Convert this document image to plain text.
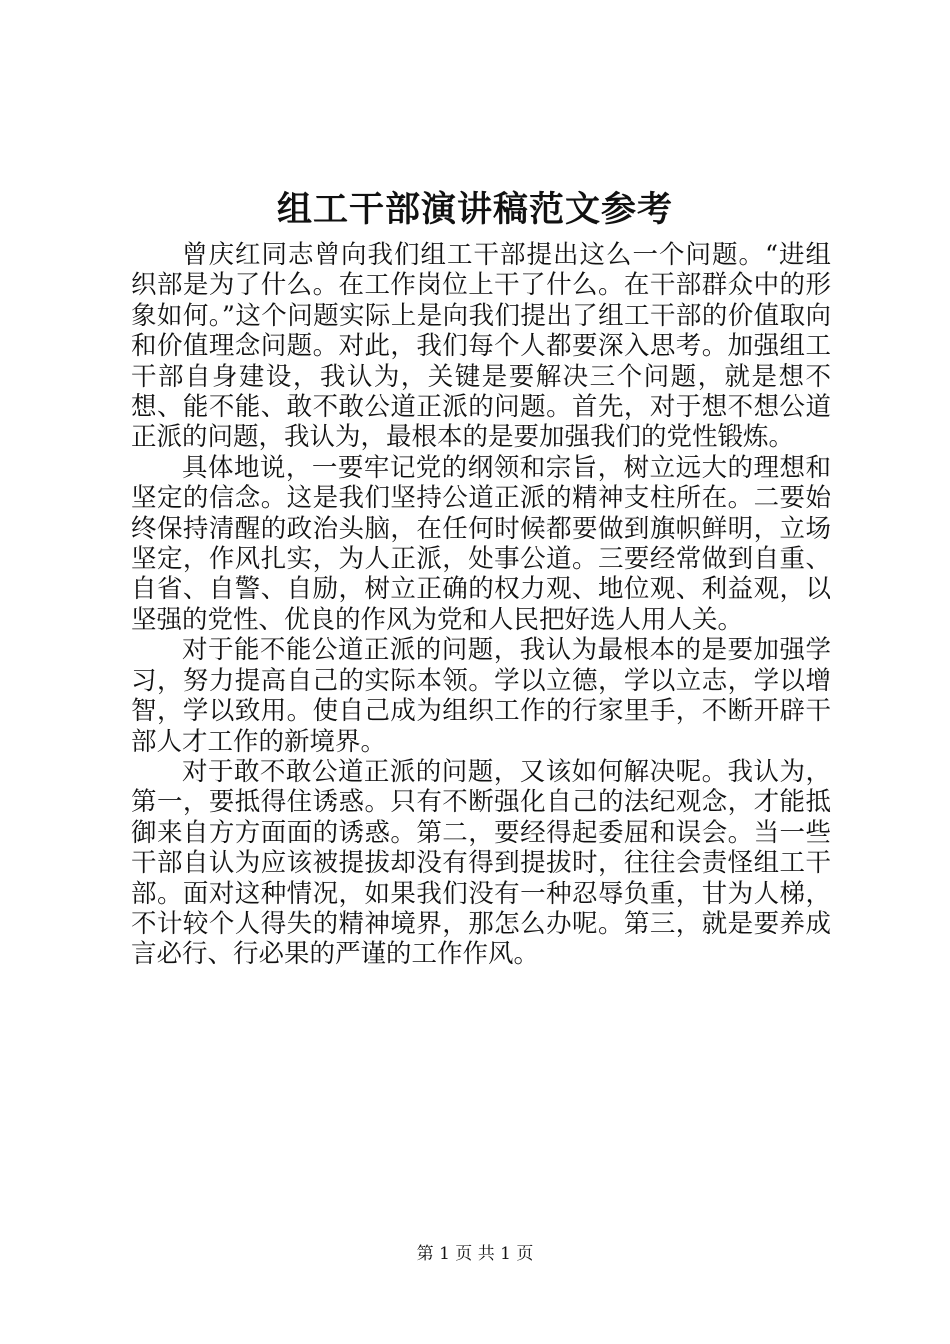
组工干部演讲稿范文参考

曾庆红同志曾向我们组工干部提出这么一个问题。“进组织部是为了什么。在工作岗位上干了什么。在干部群众中的形象如何。”这个问题实际上是向我们提出了组工干部的价值取向和价值理念问题。对此，我们每个人都要深入思考。加强组工干部自身建设，我认为，关键是要解决三个问题，就是想不想、能不能、敢不敢公道正派的问题。首先，对于想不想公道正派的问题，我认为，最根本的是要加强我们的党性锻炼。

具体地说，一要牢记党的纲领和宗旨，树立远大的理想和坚定的信念。这是我们坚持公道正派的精神支柱所在。二要始终保持清醒的政治头脑，在任何时候都要做到旗帜鲜明，立场坚定，作风扎实，为人正派，处事公道。三要经常做到自重、自省、自警、自励，树立正确的权力观、地位观、利益观，以坚强的党性、优良的作风为党和人民把好选人用人关。

对于能不能公道正派的问题，我认为最根本的是要加强学习，努力提高自己的实际本领。学以立德，学以立志，学以增智，学以致用。使自己成为组织工作的行家里手，不断开辟干部人才工作的新境界。

对于敢不敢公道正派的问题，又该如何解决呢。我认为，第一，要抵得住诱惑。只有不断强化自己的法纪观念，才能抵御来自方方面面的诱惑。第二，要经得起委屈和误会。当一些干部自认为应该被提拔却没有得到提拔时，往往会责怪组工干部。面对这种情况，如果我们没有一种忍辱负重，甘为人梯，不计较个人得失的精神境界，那怎么办呢。第三，就是要养成言必行、行必果的严谨的工作作风。

第 1 页 共 1 页
